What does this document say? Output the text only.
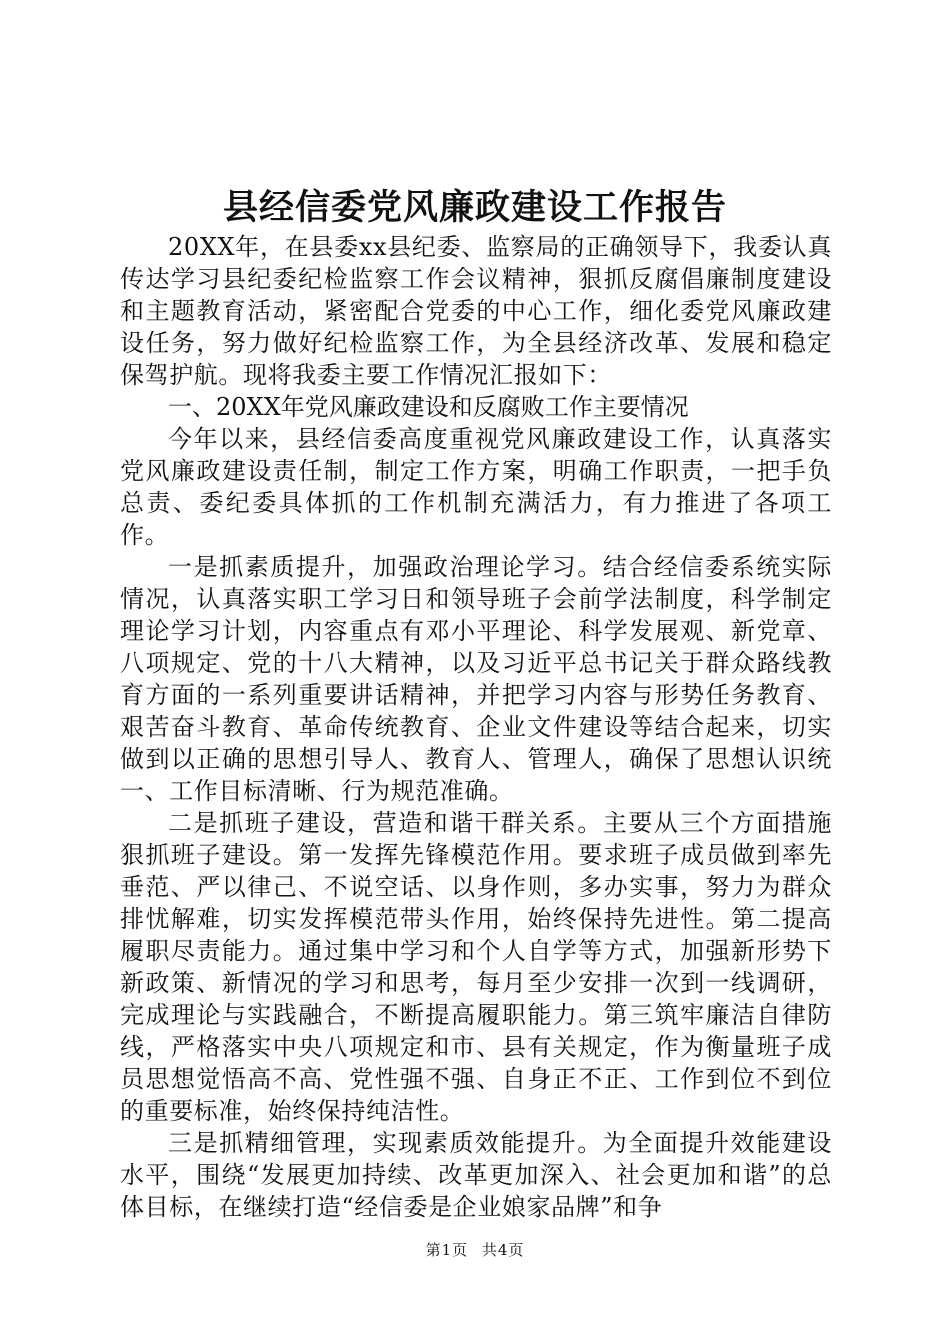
县经信委党风廉政建设工作报告

20XX年，在县委xx县纪委、监察局的正确领导下，我委认真传达学习县纪委纪检监察工作会议精神，狠抓反腐倡廉制度建设和主题教育活动，紧密配合党委的中心工作，细化委党风廉政建设任务，努力做好纪检监察工作，为全县经济改革、发展和稳定保驾护航。现将我委主要工作情况汇报如下：

一、20XX年党风廉政建设和反腐败工作主要情况

今年以来，县经信委高度重视党风廉政建设工作，认真落实党风廉政建设责任制，制定工作方案，明确工作职责，一把手负总责、委纪委具体抓的工作机制充满活力，有力推进了各项工作。

一是抓素质提升，加强政治理论学习。结合经信委系统实际情况，认真落实职工学习日和领导班子会前学法制度，科学制定理论学习计划，内容重点有邓小平理论、科学发展观、新党章、八项规定、党的十八大精神，以及习近平总书记关于群众路线教育方面的一系列重要讲话精神，并把学习内容与形势任务教育、艰苦奋斗教育、革命传统教育、企业文件建设等结合起来，切实做到以正确的思想引导人、教育人、管理人，确保了思想认识统一、工作目标清晰、行为规范准确。

二是抓班子建设，营造和谐干群关系。主要从三个方面措施狠抓班子建设。第一发挥先锋模范作用。要求班子成员做到率先垂范、严以律己、不说空话、以身作则，多办实事，努力为群众排忧解难，切实发挥模范带头作用，始终保持先进性。第二提高履职尽责能力。通过集中学习和个人自学等方式，加强新形势下新政策、新情况的学习和思考，每月至少安排一次到一线调研，完成理论与实践融合，不断提高履职能力。第三筑牢廉洁自律防线，严格落实中央八项规定和市、县有关规定，作为衡量班子成员思想觉悟高不高、党性强不强、自身正不正、工作到位不到位的重要标准，始终保持纯洁性。

三是抓精细管理，实现素质效能提升。为全面提升效能建设水平，围绕“发展更加持续、改革更加深入、社会更加和谐”的总体目标，在继续打造“经信委是企业娘家品牌”和争

第1页 共4页
